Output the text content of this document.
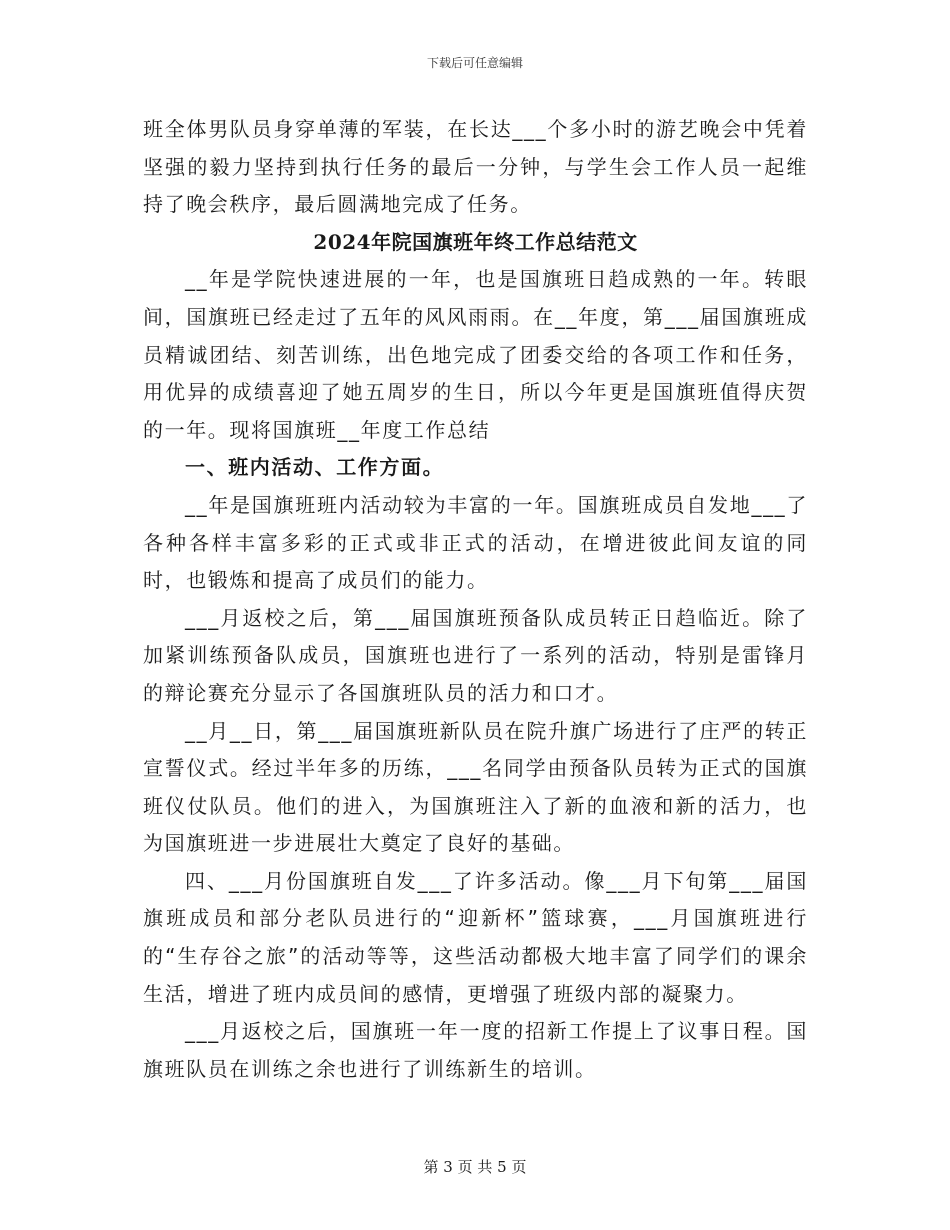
下载后可任意编辑

班全体男队员身穿单薄的军装，在长达___个多小时的游艺晚会中凭着坚强的毅力坚持到执行任务的最后一分钟，与学生会工作人员一起维持了晚会秩序，最后圆满地完成了任务。

2024年院国旗班年终工作总结范文

__年是学院快速进展的一年，也是国旗班日趋成熟的一年。转眼间，国旗班已经走过了五年的风风雨雨。在__年度，第___届国旗班成员精诚团结、刻苦训练，出色地完成了团委交给的各项工作和任务，用优异的成绩喜迎了她五周岁的生日，所以今年更是国旗班值得庆贺的一年。现将国旗班__年度工作总结

一、班内活动、工作方面。

__年是国旗班班内活动较为丰富的一年。国旗班成员自发地___了各种各样丰富多彩的正式或非正式的活动，在增进彼此间友谊的同时，也锻炼和提高了成员们的能力。

___月返校之后，第___届国旗班预备队成员转正日趋临近。除了加紧训练预备队成员，国旗班也进行了一系列的活动，特别是雷锋月的辩论赛充分显示了各国旗班队员的活力和口才。

__月__日，第___届国旗班新队员在院升旗广场进行了庄严的转正宣誓仪式。经过半年多的历练，___名同学由预备队员转为正式的国旗班仪仗队员。他们的进入，为国旗班注入了新的血液和新的活力，也为国旗班进一步进展壮大奠定了良好的基础。

四、___月份国旗班自发___了许多活动。像___月下旬第___届国旗班成员和部分老队员进行的“迎新杯”篮球赛，___月国旗班进行的“生存谷之旅”的活动等等，这些活动都极大地丰富了同学们的课余生活，增进了班内成员间的感情，更增强了班级内部的凝聚力。

___月返校之后，国旗班一年一度的招新工作提上了议事日程。国旗班队员在训练之余也进行了训练新生的培训。

第 3 页 共 5 页
